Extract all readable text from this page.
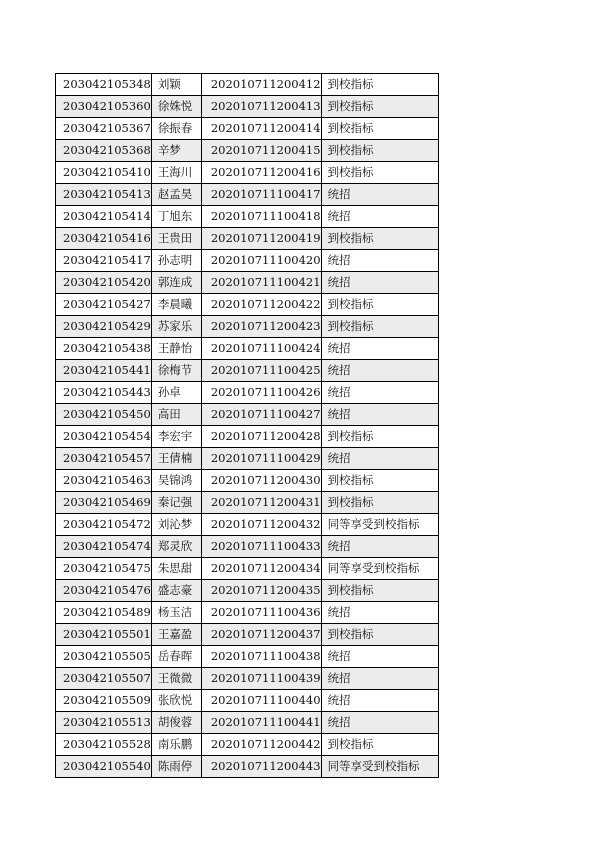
203042105348	刘颖	202010711200412	到校指标
203042105360	徐姝悦	202010711200413	到校指标
203042105367	徐振春	202010711200414	到校指标
203042105368	辛梦	202010711200415	到校指标
203042105410	王海川	202010711200416	到校指标
203042105413	赵孟昊	202010711100417	统招
203042105414	丁旭东	202010711100418	统招
203042105416	王贵田	202010711200419	到校指标
203042105417	孙志明	202010711100420	统招
203042105420	郭连成	202010711100421	统招
203042105427	李晨曦	202010711200422	到校指标
203042105429	苏家乐	202010711200423	到校指标
203042105438	王静怡	202010711100424	统招
203042105441	徐梅节	202010711100425	统招
203042105443	孙卓	202010711100426	统招
203042105450	高田	202010711100427	统招
203042105454	李宏宇	202010711200428	到校指标
203042105457	王倩楠	202010711100429	统招
203042105463	吴锦鸿	202010711200430	到校指标
203042105469	秦记强	202010711200431	到校指标
203042105472	刘沁梦	202010711200432	同等享受到校指标
203042105474	郑灵欣	202010711100433	统招
203042105475	朱思甜	202010711200434	同等享受到校指标
203042105476	盛志豪	202010711200435	到校指标
203042105489	杨玉洁	202010711100436	统招
203042105501	王嘉盈	202010711200437	到校指标
203042105505	岳春晖	202010711100438	统招
203042105507	王微微	202010711100439	统招
203042105509	张欣悦	202010711100440	统招
203042105513	胡俊蓉	202010711100441	统招
203042105528	南乐鹏	202010711200442	到校指标
203042105540	陈雨停	202010711200443	同等享受到校指标
